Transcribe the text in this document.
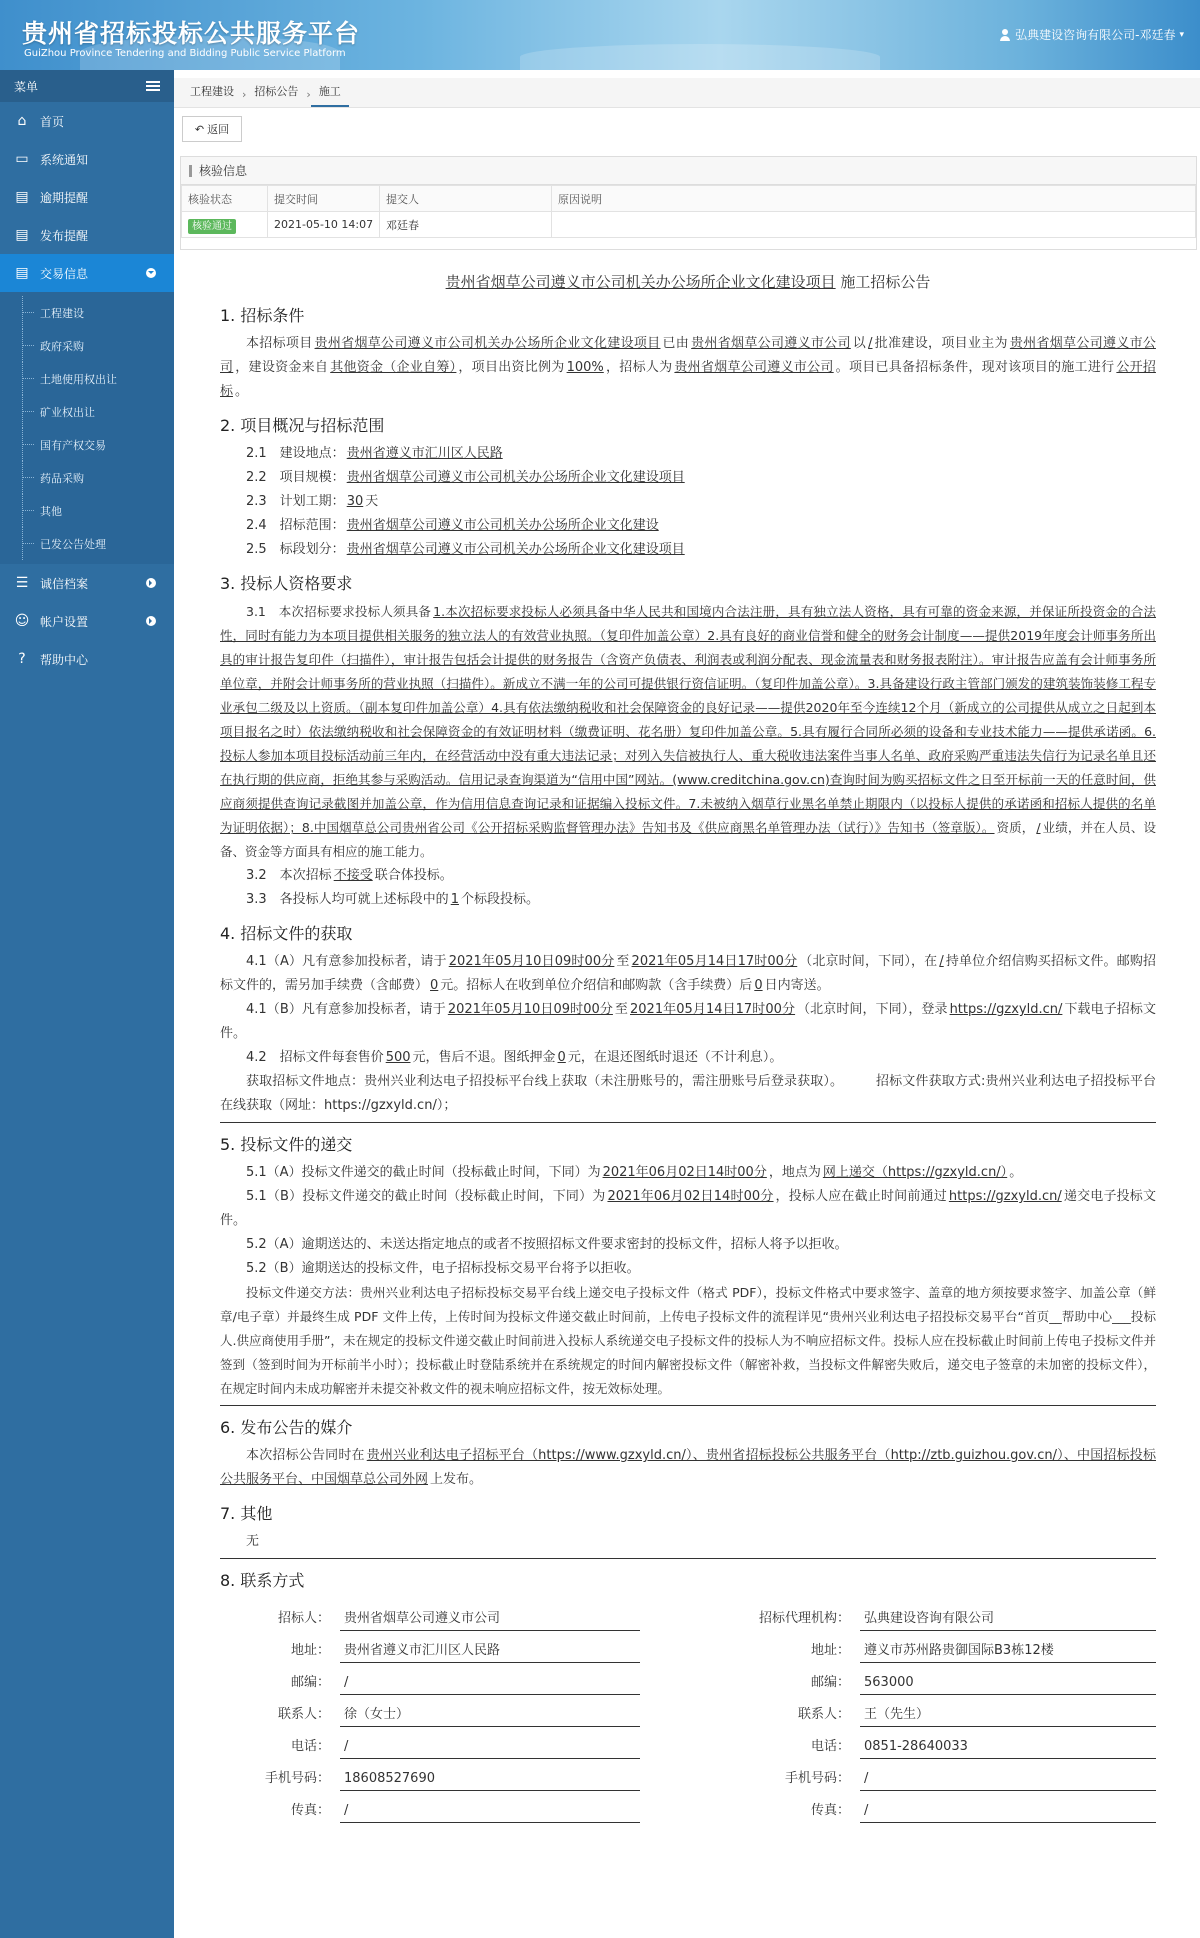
贵州省招标投标公共服务平台
GuiZhou Province Tendering and Bidding Public Service Platform
弘典建设咨询有限公司-邓廷春 ▾
菜单
⌂ 首页
▭ 系统通知
▤ 逾期提醒
▤ 发布提醒
▤ 交易信息
工程建设
政府采购
土地使用权出让
矿业权出让
国有产权交易
药品采购
其他
已发公告处理
☰ 诚信档案
☺ 帐户设置
?	帮助中心
工程建设 › 招标公告 › 施工
↶ 返回
核验信息
核验状态	提交时间	提交人	原因说明
核验通过	2021-05-10 14:07	邓廷春	
贵州省烟草公司遵义市公司机关办公场所企业文化建设项目 施工招标公告
1. 招标条件
本招标项目 贵州省烟草公司遵义市公司机关办公场所企业文化建设项目 已由 贵州省烟草公司遵义市公司 以 / 批准建设，项目业主为 贵州省烟草公司遵义市公司 ，建设资金来自 其他资金（企业自筹） ，项目出资比例为 100% ，招标人为 贵州省烟草公司遵义市公司 。项目已具备招标条件，现对该项目的施工进行 公开招标 。
2. 项目概况与招标范围
2.1　建设地点： 贵州省遵义市汇川区人民路
2.2　项目规模： 贵州省烟草公司遵义市公司机关办公场所企业文化建设项目
2.3　计划工期： 30 天
2.4　招标范围： 贵州省烟草公司遵义市公司机关办公场所企业文化建设
2.5　标段划分： 贵州省烟草公司遵义市公司机关办公场所企业文化建设项目
3. 投标人资格要求
3.1　本次招标要求投标人须具备 1.本次招标要求投标人必须具备中华人民共和国境内合法注册，具有独立法人资格，具有可靠的资金来源，并保证所投资金的合法性，同时有能力为本项目提供相关服务的独立法人的有效营业执照。（复印件加盖公章）2.具有良好的商业信誉和健全的财务会计制度——提供2019年度会计师事务所出具的审计报告复印件（扫描件），审计报告包括会计提供的财务报告（含资产负债表、利润表或利润分配表、现金流量表和财务报表附注）。审计报告应盖有会计师事务所单位章，并附会计师事务所的营业执照（扫描件）。新成立不满一年的公司可提供银行资信证明。（复印件加盖公章）。3.具备建设行政主管部门颁发的建筑装饰装修工程专业承包二级及以上资质。（副本复印件加盖公章）4.具有依法缴纳税收和社会保障资金的良好记录——提供2020年至今连续12个月（新成立的公司提供从成立之日起到本项目报名之时）依法缴纳税收和社会保障资金的有效证明材料（缴费证明、花名册）复印件加盖公章。5.具有履行合同所必须的设备和专业技术能力——提供承诺函。6.投标人参加本项目投标活动前三年内，在经营活动中没有重大违法记录；对列入失信被执行人、重大税收违法案件当事人名单、政府采购严重违法失信行为记录名单且还在执行期的供应商，拒绝其参与采购活动。信用记录查询渠道为“信用中国”网站。(www.creditchina.gov.cn)查询时间为购买招标文件之日至开标前一天的任意时间，供应商须提供查询记录截图并加盖公章，作为信用信息查询记录和证据编入投标文件。7.未被纳入烟草行业黑名单禁止期限内（以投标人提供的承诺函和招标人提供的名单为证明依据）；8.中国烟草总公司贵州省公司《公开招标采购监督管理办法》告知书及《供应商黑名单管理办法（试行）》告知书（签章版）。 资质， / 业绩，并在人员、设备、资金等方面具有相应的施工能力。
3.2　本次招标 不接受 联合体投标。
3.3　各投标人均可就上述标段中的 1 个标段投标。
4. 招标文件的获取
4.1（A）凡有意参加投标者，请于 2021年05月10日09时00分 至 2021年05月14日17时00分 （北京时间，下同），在 / 持单位介绍信购买招标文件。邮购招标文件的，需另加手续费（含邮费） 0 元。招标人在收到单位介绍信和邮购款（含手续费）后 0 日内寄送。
4.1（B）凡有意参加投标者，请于 2021年05月10日09时00分 至 2021年05月14日17时00分 （北京时间，下同），登录 https://gzxyld.cn/ 下载电子招标文件。
4.2　招标文件每套售价 500 元，售后不退。图纸押金 0 元，在退还图纸时退还（不计利息）。
获取招标文件地点：贵州兴业利达电子招投标平台线上获取（未注册账号的，需注册账号后登录获取）。　　　招标文件获取方式:贵州兴业利达电子招投标平台在线获取（网址：https://gzxyld.cn/）；
5. 投标文件的递交
5.1（A）投标文件递交的截止时间（投标截止时间，下同）为 2021年06月02日14时00分 ，地点为 网上递交（https://gzxyld.cn/） 。
5.1（B）投标文件递交的截止时间（投标截止时间，下同）为 2021年06月02日14时00分 ，投标人应在截止时间前通过 https://gzxyld.cn/ 递交电子投标文件。
5.2（A）逾期送达的、未送达指定地点的或者不按照招标文件要求密封的投标文件，招标人将予以拒收。
5.2（B）逾期送达的投标文件，电子招标投标交易平台将予以拒收。
投标文件递交方法：贵州兴业利达电子招标投标交易平台线上递交电子投标文件（格式 PDF），投标文件格式中要求签字、盖章的地方须按要求签字、加盖公章（鲜章/电子章）并最终生成 PDF 文件上传，上传时间为投标文件递交截止时间前，上传电子投标文件的流程详见“贵州兴业利达电子招投标交易平台“首页__帮助中心___投标人.供应商使用手册”，未在规定的投标文件递交截止时间前进入投标人系统递交电子投标文件的投标人为不响应招标文件。投标人应在投标截止时间前上传电子投标文件并签到（签到时间为开标前半小时）；投标截止时登陆系统并在系统规定的时间内解密投标文件（解密补救，当投标文件解密失败后，递交电子签章的未加密的投标文件），在规定时间内未成功解密并未提交补救文件的视未响应招标文件，按无效标处理。
6. 发布公告的媒介
本次招标公告同时在 贵州兴业利达电子招标平台（https://www.gzxyld.cn/）、贵州省招标投标公共服务平台（http://ztb.guizhou.gov.cn/）、中国招标投标公共服务平台、中国烟草总公司外网 上发布。
7. 其他
无
8. 联系方式
招标人：	贵州省烟草公司遵义市公司	招标代理机构：	弘典建设咨询有限公司
地址：	贵州省遵义市汇川区人民路	地址：	遵义市苏州路贵御国际B3栋12楼
邮编：	/	邮编：	563000
联系人：	徐（女士）	联系人：	王（先生）
电话：	/	电话：	0851-28640033
手机号码：	18608527690	手机号码：	/
传真：	/	传真：	/
